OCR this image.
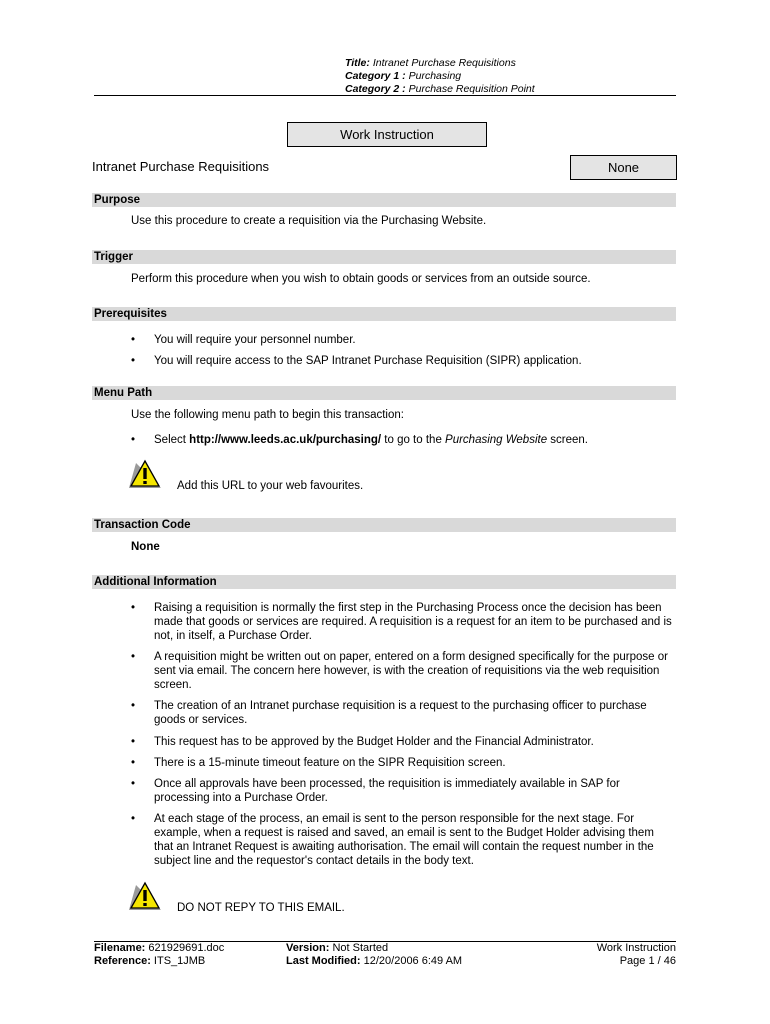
Title: Intranet Purchase Requisitions
Category 1 : Purchasing
Category 2 : Purchase Requisition Point
Work Instruction
Intranet Purchase Requisitions	None
Purpose
Use this procedure to create a requisition via the Purchasing Website.
Trigger
Perform this procedure when you wish to obtain goods or services from an outside source.
Prerequisites
• You will require your personnel number.
• You will require access to the SAP Intranet Purchase Requisition (SIPR) application.
Menu Path
Use the following menu path to begin this transaction:
• Select http://www.leeds.ac.uk/purchasing/ to go to the Purchasing Website screen.
Add this URL to your web favourites.
Transaction Code
None
Additional Information
• Raising a requisition is normally the first step in the Purchasing Process once the decision has been made that goods or services are required. A requisition is a request for an item to be purchased and is not, in itself, a Purchase Order.
• A requisition might be written out on paper, entered on a form designed specifically for the purpose or sent via email. The concern here however, is with the creation of requisitions via the web requisition screen.
• The creation of an Intranet purchase requisition is a request to the purchasing officer to purchase goods or services.
• This request has to be approved by the Budget Holder and the Financial Administrator.
• There is a 15-minute timeout feature on the SIPR Requisition screen.
• Once all approvals have been processed, the requisition is immediately available in SAP for processing into a Purchase Order.
• At each stage of the process, an email is sent to the person responsible for the next stage. For example, when a request is raised and saved, an email is sent to the Budget Holder advising them that an Intranet Request is awaiting authorisation. The email will contain the request number in the subject line and the requestor's contact details in the body text.
DO NOT REPY TO THIS EMAIL.
Filename: 621929691.doc
Reference: ITS_1JMB
Version: Not Started
Last Modified: 12/20/2006 6:49 AM
Work Instruction
Page 1 / 46
